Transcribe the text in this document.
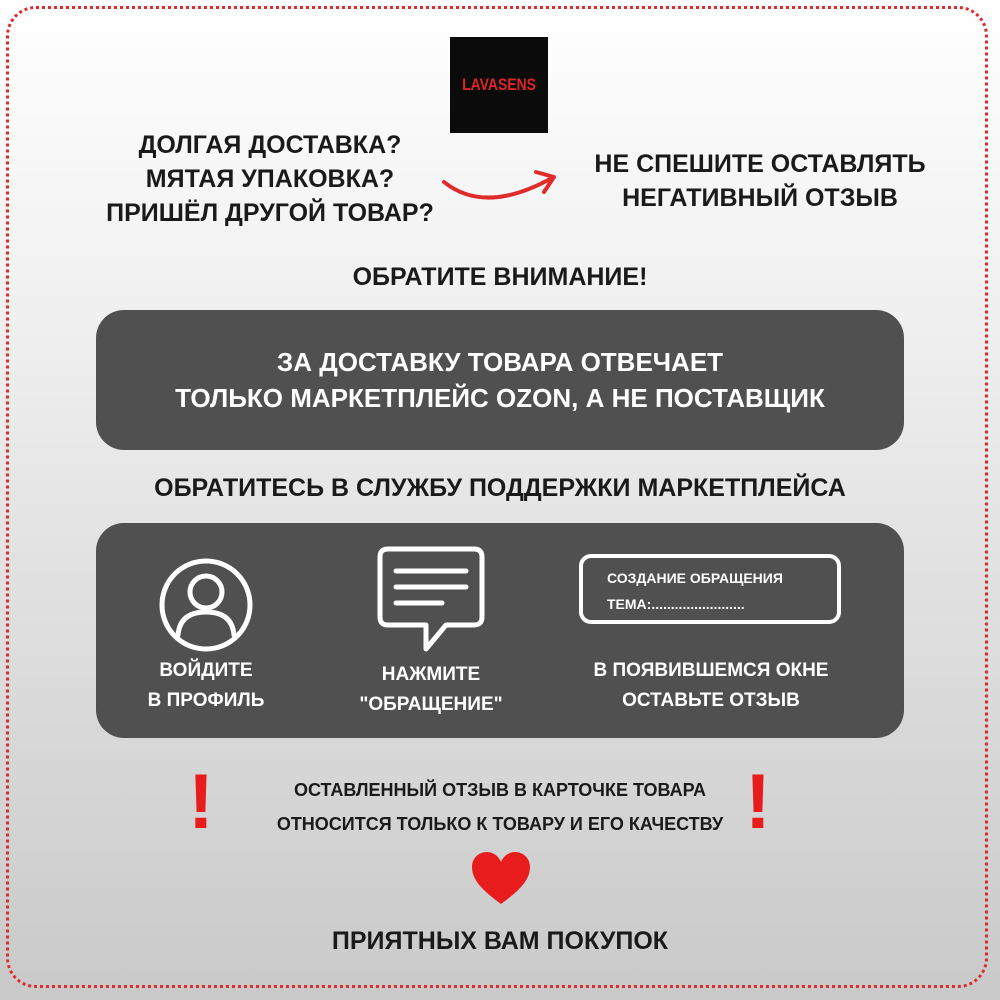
LAVASENS
ДОЛГАЯ ДОСТАВКА?
МЯТАЯ УПАКОВКА?
ПРИШЁЛ ДРУГОЙ ТОВАР?
НЕ СПЕШИТЕ ОСТАВЛЯТЬ
НЕГАТИВНЫЙ ОТЗЫВ
ОБРАТИТЕ ВНИМАНИЕ!
ЗА ДОСТАВКУ ТОВАРА ОТВЕЧАЕТ
ТОЛЬКО МАРКЕТПЛЕЙС OZON, А НЕ ПОСТАВЩИК
ОБРАТИТЕСЬ В СЛУЖБУ ПОДДЕРЖКИ МАРКЕТПЛЕЙСА
СОЗДАНИЕ ОБРАЩЕНИЯ
ТЕМА:........................
ВОЙДИТЕ
В ПРОФИЛЬ
НАЖМИТЕ
"ОБРАЩЕНИЕ"
В ПОЯВИВШЕМСЯ ОКНЕ
ОСТАВЬТЕ ОТЗЫВ
!	ОСТАВЛЕННЫЙ ОТЗЫВ В КАРТОЧКЕ ТОВАРА
ОТНОСИТСЯ ТОЛЬКО К ТОВАРУ И ЕГО КАЧЕСТВУ !
ПРИЯТНЫХ ВАМ ПОКУПОК
